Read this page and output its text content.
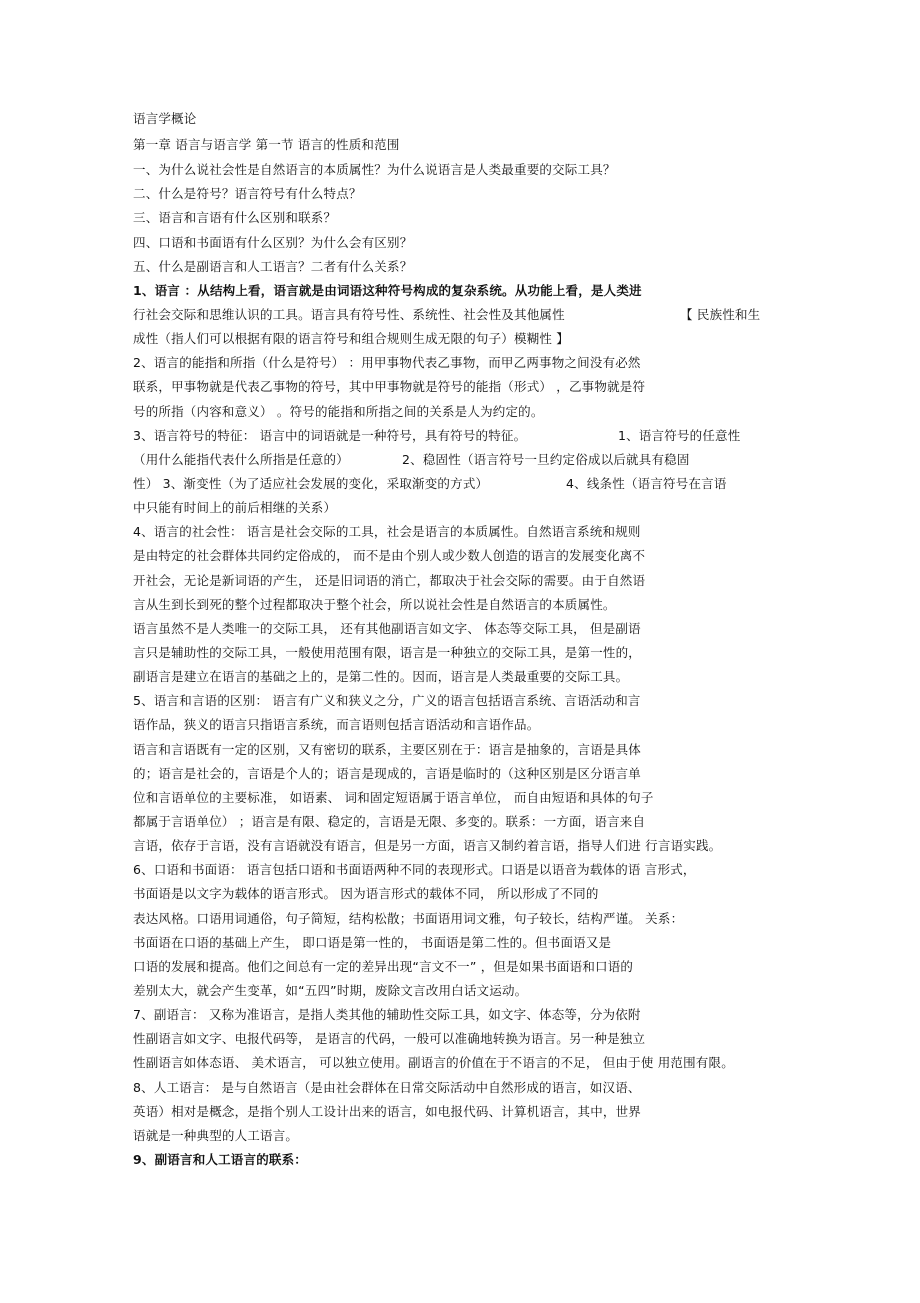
语言学概论
第一章 语言与语言学 第一节 语言的性质和范围
一、为什么说社会性是自然语言的本质属性？为什么说语言是人类最重要的交际工具？
二、什么是符号？语言符号有什么特点？
三、语言和言语有什么区别和联系？
四、口语和书面语有什么区别？为什么会有区别？
五、什么是副语言和人工语言？二者有什么关系？
1、语言 ：从结构上看，语言就是由词语这种符号构成的复杂系统。从功能上看，是人类进
行社会交际和思维认识的工具。语言具有符号性、系统性、社会性及其他属性	【 民族性和生
成性（指人们可以根据有限的语言符号和组合规则生成无限的句子）模糊性 】
2、语言的能指和所指（什么是符号） ：用甲事物代表乙事物，而甲乙两事物之间没有必然
联系，甲事物就是代表乙事物的符号，其中甲事物就是符号的能指（形式） ，乙事物就是符
号的所指（内容和意义） 。符号的能指和所指之间的关系是人为约定的。
3、语言符号的特征： 语言中的词语就是一种符号，具有符号的特征。	1、语言符号的任意性
（用什么能指代表什么所指是任意的）	2、稳固性（语言符号一旦约定俗成以后就具有稳固
性） 3、渐变性（为了适应社会发展的变化，采取渐变的方式）	4、线条性（语言符号在言语
中只能有时间上的前后相继的关系）
4、语言的社会性： 语言是社会交际的工具，社会是语言的本质属性。自然语言系统和规则
是由特定的社会群体共同约定俗成的， 而不是由个别人或少数人创造的语言的发展变化离不
开社会，无论是新词语的产生， 还是旧词语的消亡，都取决于社会交际的需要。由于自然语
言从生到长到死的整个过程都取决于整个社会，所以说社会性是自然语言的本质属性。
语言虽然不是人类唯一的交际工具， 还有其他副语言如文字、 体态等交际工具， 但是副语
言只是辅助性的交际工具，一般使用范围有限，语言是一种独立的交际工具，是第一性的，
副语言是建立在语言的基础之上的，是第二性的。因而，语言是人类最重要的交际工具。
5、语言和言语的区别： 语言有广义和狭义之分，广义的语言包括语言系统、言语活动和言
语作品，狭义的语言只指语言系统，而言语则包括言语活动和言语作品。
语言和言语既有一定的区别，又有密切的联系，主要区别在于：语言是抽象的，言语是具体
的；语言是社会的，言语是个人的；语言是现成的，言语是临时的（这种区别是区分语言单
位和言语单位的主要标准， 如语素、 词和固定短语属于语言单位， 而自由短语和具体的句子
都属于言语单位） ；语言是有限、稳定的，言语是无限、多变的。联系：一方面，语言来自
言语，依存于言语，没有言语就没有语言，但是另一方面，语言又制约着言语，指导人们进 行言语实践。
6、口语和书面语： 语言包括口语和书面语两种不同的表现形式。口语是以语音为载体的语 言形式，
书面语是以文字为载体的语言形式。 因为语言形式的载体不同， 所以形成了不同的
表达风格。口语用词通俗，句子简短，结构松散；书面语用词文雅，句子较长，结构严谨。 关系：
书面语在口语的基础上产生， 即口语是第一性的， 书面语是第二性的。但书面语又是
口语的发展和提高。他们之间总有一定的差异出现“言文不一” ，但是如果书面语和口语的
差别太大，就会产生变革，如“五四”时期，废除文言改用白话文运动。
7、副语言： 又称为准语言，是指人类其他的辅助性交际工具，如文字、体态等，分为依附
性副语言如文字、电报代码等， 是语言的代码，一般可以准确地转换为语言。另一种是独立
性副语言如体态语、 美术语言， 可以独立使用。副语言的价值在于不语言的不足， 但由于使 用范围有限。
8、人工语言： 是与自然语言（是由社会群体在日常交际活动中自然形成的语言，如汉语、
英语）相对是概念，是指个别人工设计出来的语言，如电报代码、计算机语言，其中，世界
语就是一种典型的人工语言。
9、副语言和人工语言的联系：
